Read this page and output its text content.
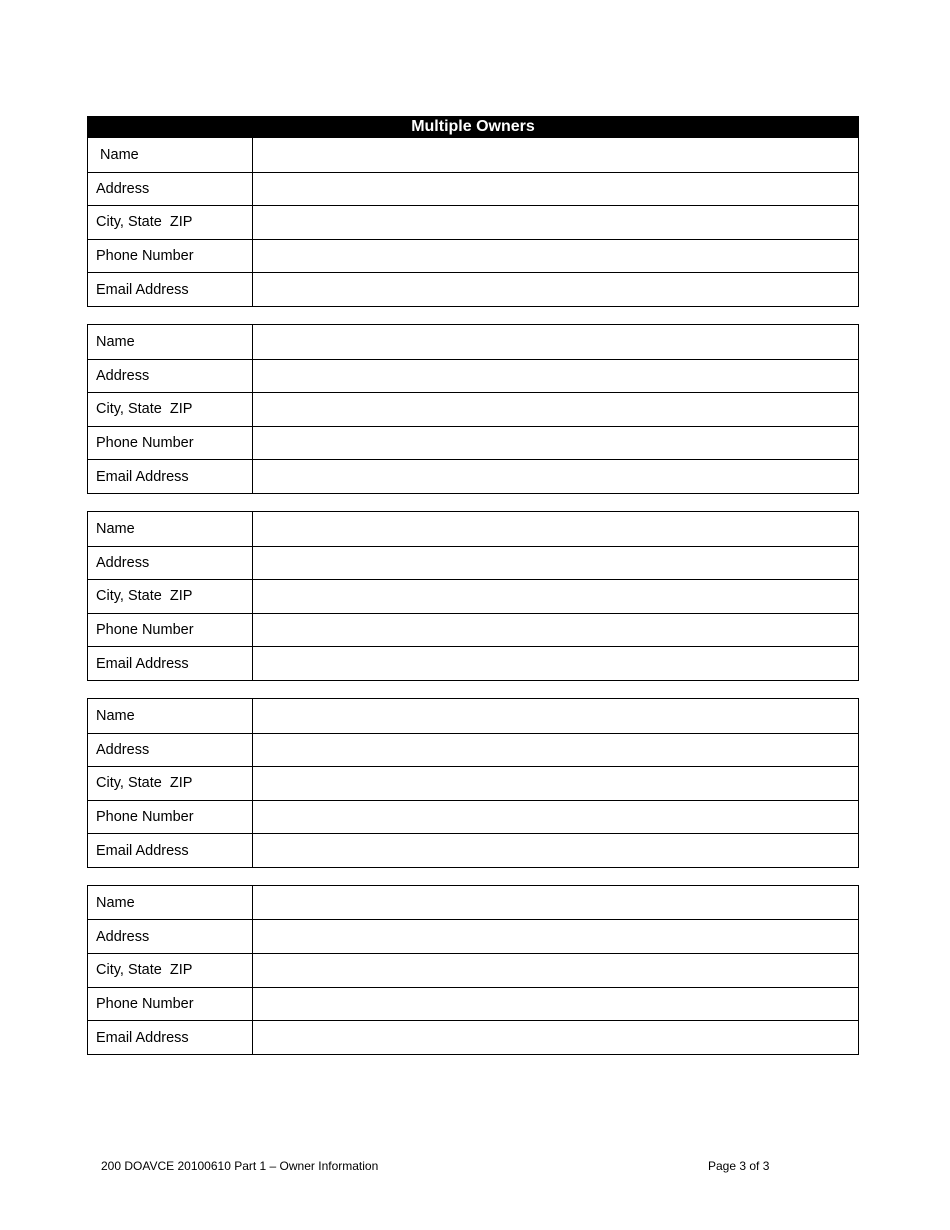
Multiple Owners
Name
Address
City, State  ZIP
Phone Number
Email Address
Name
Address
City, State  ZIP
Phone Number
Email Address
Name
Address
City, State  ZIP
Phone Number
Email Address
Name
Address
City, State  ZIP
Phone Number
Email Address
Name
Address
City, State  ZIP
Phone Number
Email Address
200 DOAVCE 20100610 Part 1 – Owner Information	Page 3 of 3
